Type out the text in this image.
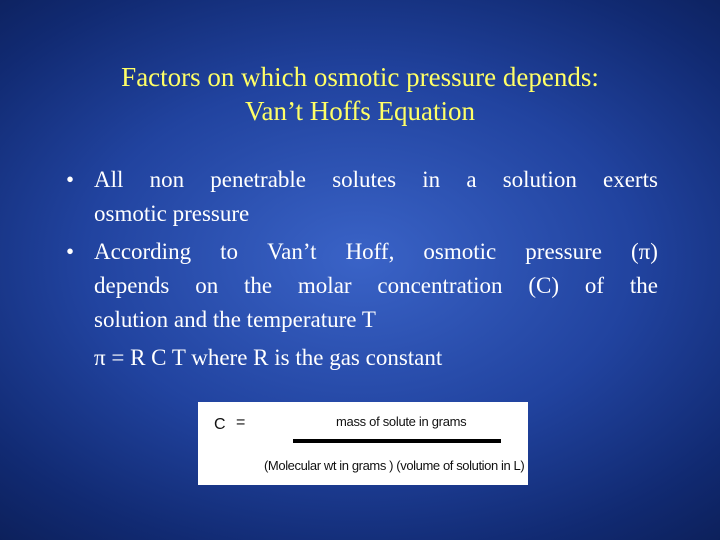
Factors on which osmotic pressure depends:
Van’t Hoffs Equation
• All non penetrable solutes in a solution exerts
osmotic pressure
• According to Van’t Hoff, osmotic pressure (π)
depends on the molar concentration (C) of the
solution and the temperature T
π = R C T where R is the gas constant
C =	mass of solute in grams
(Molecular wt in grams ) (volume of solution in L)
